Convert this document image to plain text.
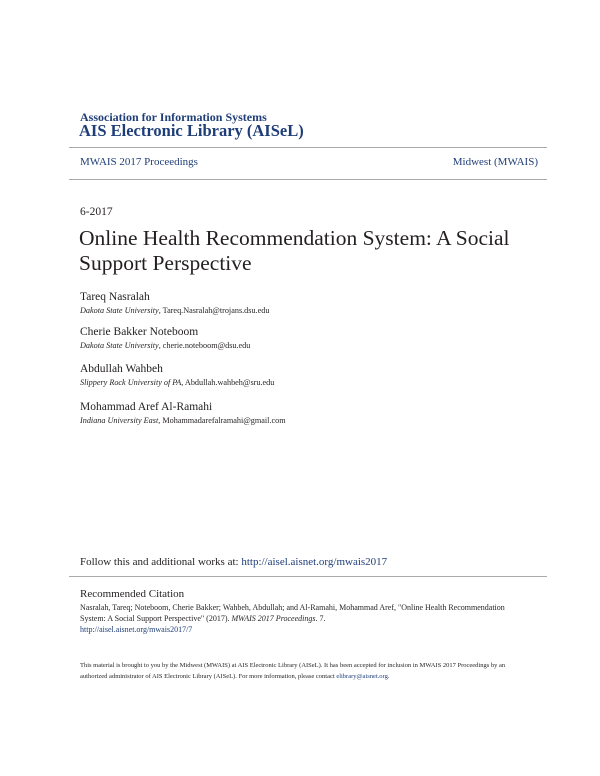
Association for Information Systems
AIS Electronic Library (AISeL)
MWAIS 2017 Proceedings	Midwest (MWAIS)
6-2017
Online Health Recommendation System: A Social Support Perspective
Tareq Nasralah
Dakota State University, Tareq.Nasralah@trojans.dsu.edu
Cherie Bakker Noteboom
Dakota State University, cherie.noteboom@dsu.edu
Abdullah Wahbeh
Slippery Rock University of PA, Abdullah.wahbeh@sru.edu
Mohammad Aref Al-Ramahi
Indiana University East, Mohammadarefalramahi@gmail.com
Follow this and additional works at: http://aisel.aisnet.org/mwais2017
Recommended Citation
Nasralah, Tareq; Noteboom, Cherie Bakker; Wahbeh, Abdullah; and Al-Ramahi, Mohammad Aref, "Online Health Recommendation System: A Social Support Perspective" (2017). MWAIS 2017 Proceedings. 7.
http://aisel.aisnet.org/mwais2017/7
This material is brought to you by the Midwest (MWAIS) at AIS Electronic Library (AISeL). It has been accepted for inclusion in MWAIS 2017 Proceedings by an authorized administrator of AIS Electronic Library (AISeL). For more information, please contact elibrary@aisnet.org.
